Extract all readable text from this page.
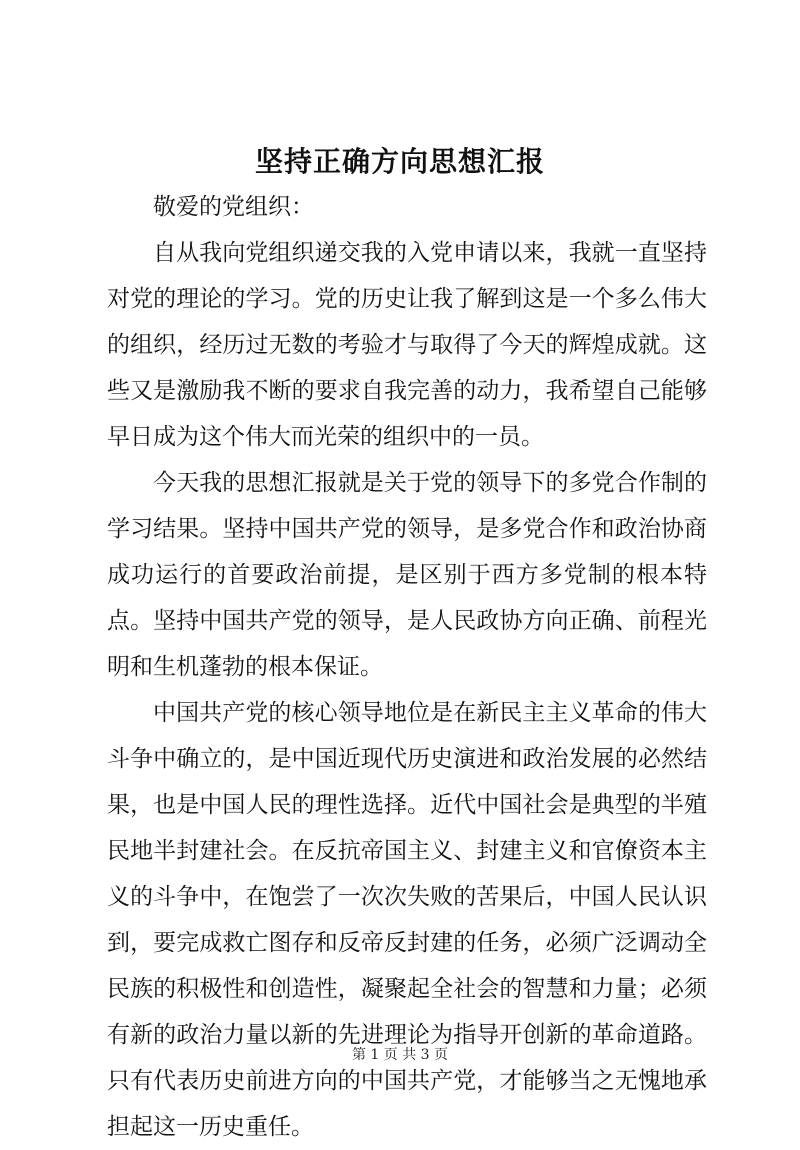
坚持正确方向思想汇报

敬爱的党组织：

自从我向党组织递交我的入党申请以来，我就一直坚持对党的理论的学习。党的历史让我了解到这是一个多么伟大的组织，经历过无数的考验才与取得了今天的辉煌成就。这些又是激励我不断的要求自我完善的动力，我希望自己能够早日成为这个伟大而光荣的组织中的一员。

今天我的思想汇报就是关于党的领导下的多党合作制的学习结果。坚持中国共产党的领导，是多党合作和政治协商成功运行的首要政治前提，是区别于西方多党制的根本特点。坚持中国共产党的领导，是人民政协方向正确、前程光明和生机蓬勃的根本保证。

中国共产党的核心领导地位是在新民主主义革命的伟大斗争中确立的，是中国近现代历史演进和政治发展的必然结果，也是中国人民的理性选择。近代中国社会是典型的半殖民地半封建社会。在反抗帝国主义、封建主义和官僚资本主义的斗争中，在饱尝了一次次失败的苦果后，中国人民认识到，要完成救亡图存和反帝反封建的任务，必须广泛调动全民族的积极性和创造性，凝聚起全社会的智慧和力量；必须有新的政治力量以新的先进理论为指导开创新的革命道路。只有代表历史前进方向的中国共产党，才能够当之无愧地承担起这一历史重任。

第 1 页 共 3 页
